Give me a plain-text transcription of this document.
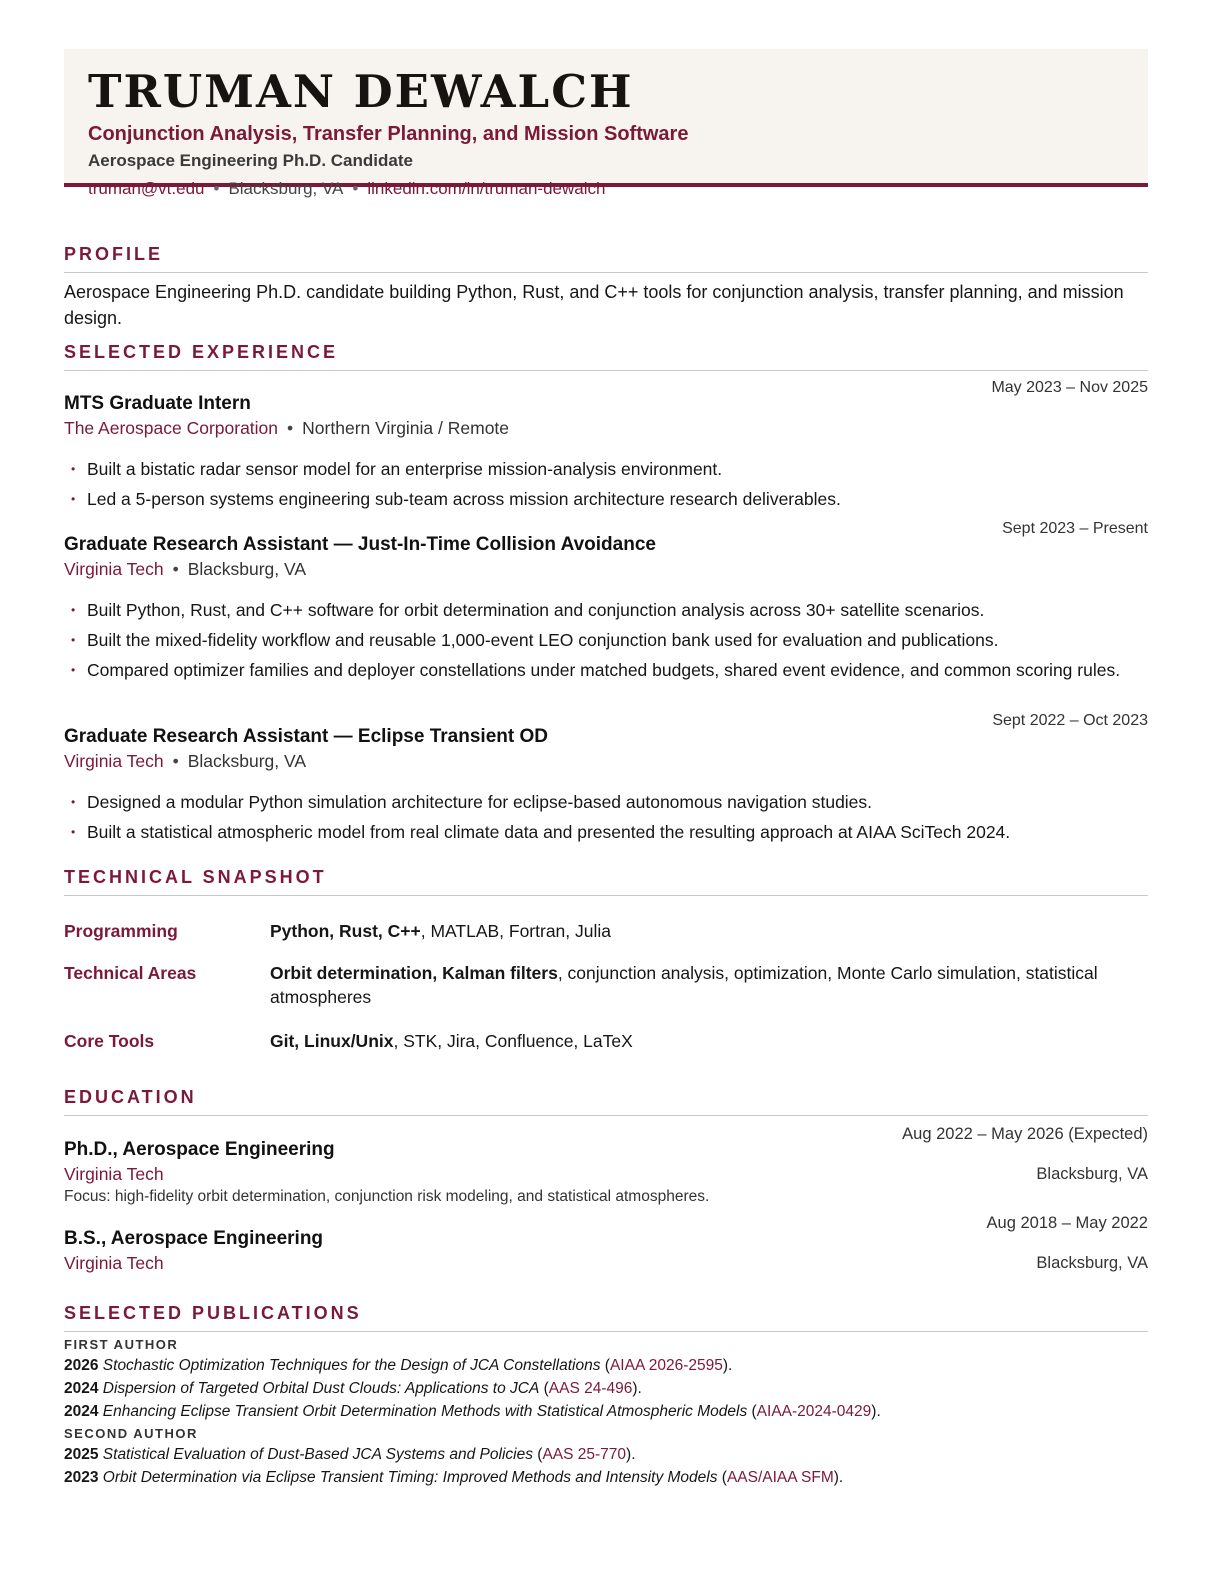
TRUMAN DEWALCH
Conjunction Analysis, Transfer Planning, and Mission Software
Aerospace Engineering Ph.D. Candidate
truman@vt.edu • Blacksburg, VA • linkedin.com/in/truman-dewalch
PROFILE
Aerospace Engineering Ph.D. candidate building Python, Rust, and C++ tools for conjunction analysis, transfer planning, and mission design.
SELECTED EXPERIENCE
May 2023 – Nov 2025
MTS Graduate Intern
The Aerospace Corporation • Northern Virginia / Remote
• Built a bistatic radar sensor model for an enterprise mission-analysis environment.
• Led a 5-person systems engineering sub-team across mission architecture research deliverables.
Sept 2023 – Present
Graduate Research Assistant — Just-In-Time Collision Avoidance
Virginia Tech • Blacksburg, VA
• Built Python, Rust, and C++ software for orbit determination and conjunction analysis across 30+ satellite scenarios.
• Built the mixed-fidelity workflow and reusable 1,000-event LEO conjunction bank used for evaluation and publications.
• Compared optimizer families and deployer constellations under matched budgets, shared event evidence, and common scoring rules.
Sept 2022 – Oct 2023
Graduate Research Assistant — Eclipse Transient OD
Virginia Tech • Blacksburg, VA
• Designed a modular Python simulation architecture for eclipse-based autonomous navigation studies.
• Built a statistical atmospheric model from real climate data and presented the resulting approach at AIAA SciTech 2024.
TECHNICAL SNAPSHOT
Programming	Python, Rust, C++, MATLAB, Fortran, Julia
Technical Areas	Orbit determination, Kalman filters, conjunction analysis, optimization, Monte Carlo simulation, statistical atmospheres
Core Tools	Git, Linux/Unix, STK, Jira, Confluence, LaTeX
EDUCATION
Aug 2022 – May 2026 (Expected)
Ph.D., Aerospace Engineering
Virginia Tech	Blacksburg, VA
Focus: high-fidelity orbit determination, conjunction risk modeling, and statistical atmospheres.
Aug 2018 – May 2022
B.S., Aerospace Engineering
Virginia Tech	Blacksburg, VA
SELECTED PUBLICATIONS
FIRST AUTHOR
2026 Stochastic Optimization Techniques for the Design of JCA Constellations (AIAA 2026-2595).
2024 Dispersion of Targeted Orbital Dust Clouds: Applications to JCA (AAS 24-496).
2024 Enhancing Eclipse Transient Orbit Determination Methods with Statistical Atmospheric Models (AIAA-2024-0429).
SECOND AUTHOR
2025 Statistical Evaluation of Dust-Based JCA Systems and Policies (AAS 25-770).
2023 Orbit Determination via Eclipse Transient Timing: Improved Methods and Intensity Models (AAS/AIAA SFM).
